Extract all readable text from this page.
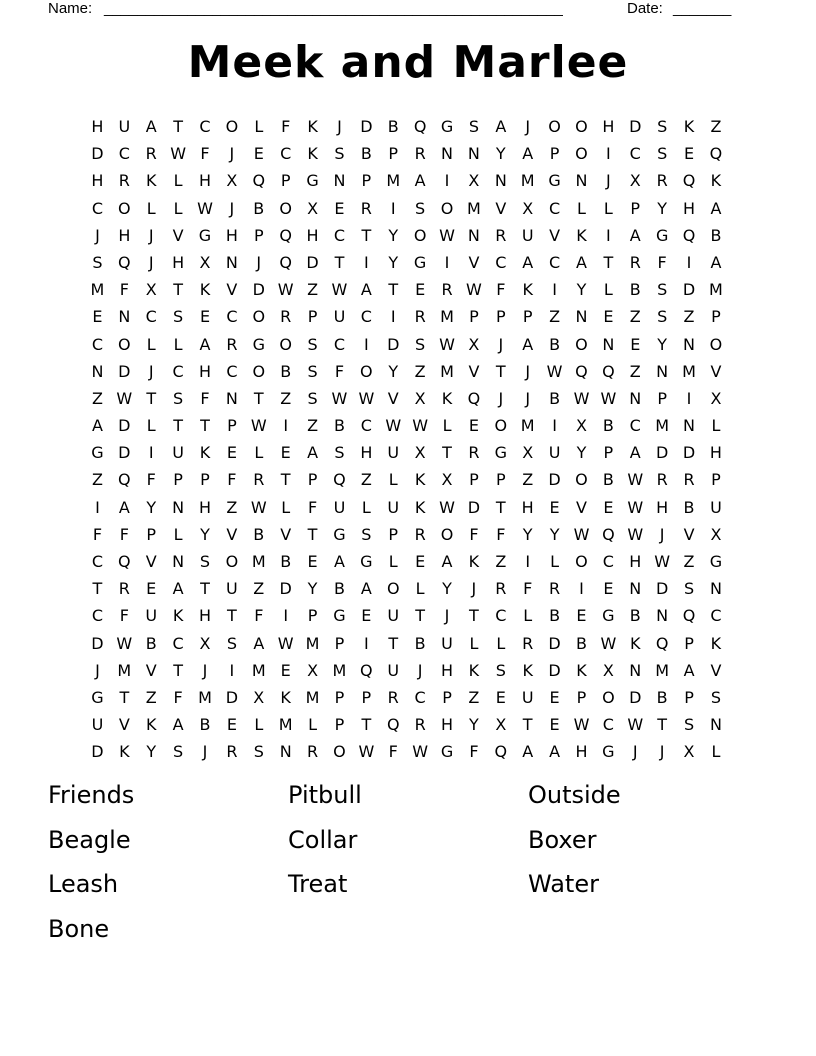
Name: _______________________________________________________	Date: _______
Meek and Marlee
H U A	T	C O	L	F	K	J	D B Q G S	A	J	O O H D S	K	Z
D C R W F	J	E	C	K	S	B	P	R N N	Y	A	P O	I	C	S	E Q
H R	K	L	H X Q P G N	P M A	I	X N M G N	J	X R Q K
C O	L	L W	J	B O X	E	R	I	S O M V X C	L	L	P	Y H A
J	H	J	V G H	P Q H C	T	Y O W N R U V	K	I	A G Q B
S Q	J	H X N	J	Q D T	I	Y G	I	V C A C A	T	R	F	I	A
M F	X	T	K	V D W Z W A	T	E	R W F	K	I	Y	L	B	S D M
E N C	S	E	C O R	P	U C	I	R M P	P	P	Z N E	Z	S	Z	P
C O	L	L	A R G O S	C	I	D S W X	J	A B O N E	Y	N O
N D	J	C H C O B	S	F O Y	Z M V	T	J	W Q Q Z N M V
Z W T	S	F	N	T	Z	S W W V X	K Q	J	J	B W W N	P	I	X
A D	L	T	T	P W	I	Z B C W W L	E O M	I	X B C M N	L
G D	I	U K	E	L	E	A	S H U X	T	R G X U	Y	P	A D D H
Z Q	F	P	P	F	R	T	P Q Z	L	K	X	P	P	Z D O B W R R	P
I	A	Y	N H Z W L	F	U	L	U K W D T H E	V	E W H B U
F	F	P	L	Y	V B V	T G S	P	R O	F	F	Y	Y W Q W	J	V X
C Q V N S O M B	E	A G	L	E	A	K	Z	I	L	O C H W Z G
T	R	E	A	T	U Z D Y	B A O	L	Y	J	R	F	R	I	E N D S N
C	F	U K H T	F	I	P G E U	T	J	T	C	L	B	E G B N Q C
D W B C X	S	A W M P	I	T	B U	L	L	R D B W K Q P	K
J	M V	T	J	I	M E	X M Q U	J	H K	S	K D K	X N M A V
G T	Z	F M D X	K M P	P	R C	P	Z	E U E	P O D B	P	S
U V	K	A B	E	L M L	P	T Q R H Y	X	T	E W C W T	S N
D K	Y	S	J	R	S N R O W F W G	F Q A A H G	J	J	X	L
Friends	Pitbull	Outside
Beagle	Collar	Boxer
Leash	Treat	Water
Bone
